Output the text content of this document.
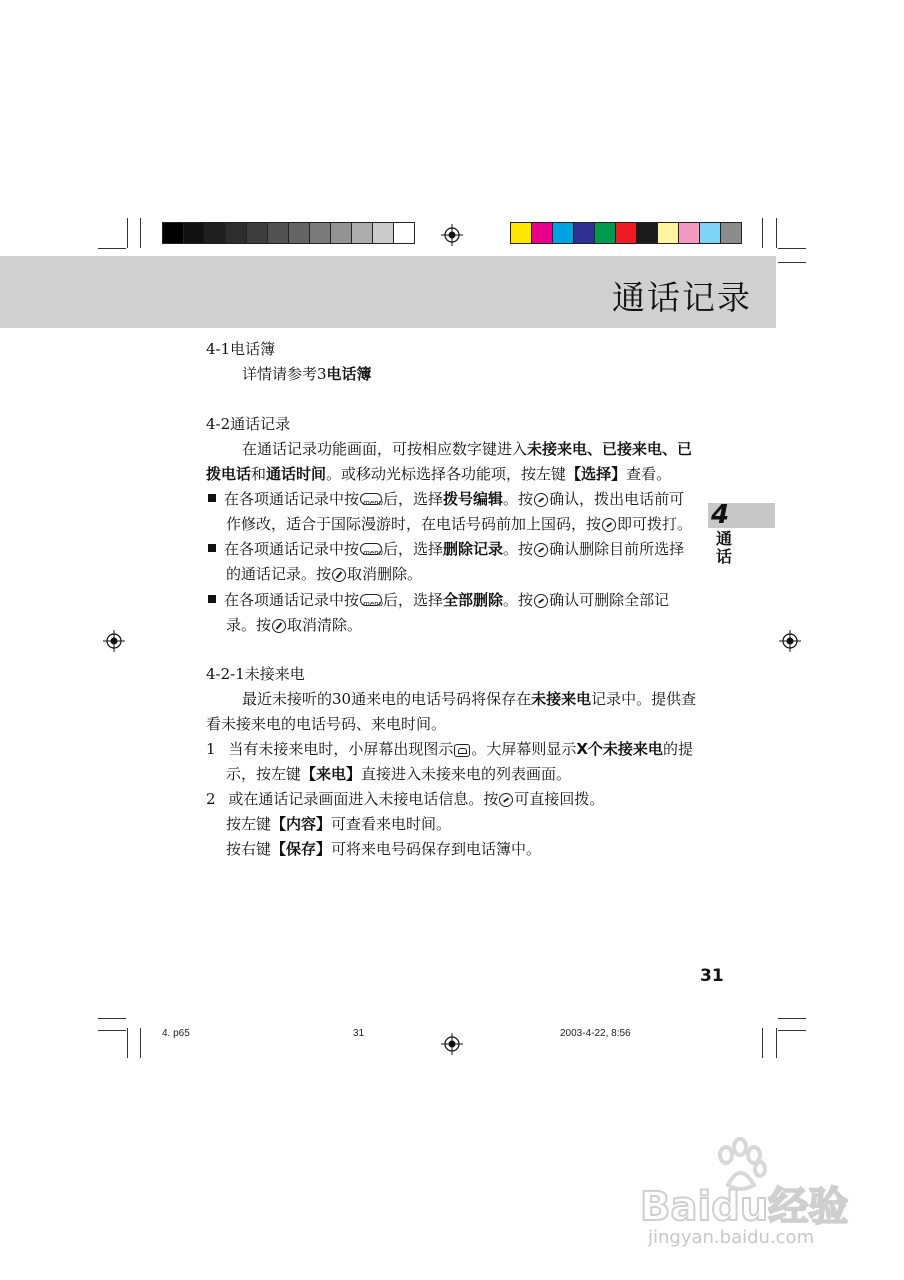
通话记录
4
通话
4-1电话簿
详情请参考3电话簿
4-2通话记录
在通话记录功能画面，可按相应数字键进入未接来电、已接来电、已
拨电话和通话时间。或移动光标选择各功能项，按左键【选择】查看。
在各项通话记录中按 menu 后，选择拨号编辑。按 确认，拨出电话前可
作修改，适合于国际漫游时，在电话号码前加上国码，按 即可拨打。
在各项通话记录中按 menu 后，选择删除记录。按 确认删除目前所选择
的通话记录。按 取消删除。
在各项通话记录中按 menu 后，选择全部删除。按 确认可删除全部记
录。按 取消清除。
4-2-1未接来电
最近未接听的30通来电的电话号码将保存在未接来电记录中。提供查
看未接来电的电话号码、来电时间。
1 当有未接来电时，小屏幕出现图示 。大屏幕则显示X个未接来电的提
示，按左键【来电】直接进入未接来电的列表画面。
2 或在通话记录画面进入未接电话信息。按 可直接回拨。
按左键【内容】可查看来电时间。
按右键【保存】可将来电号码保存到电话簿中。
31
4. p65	31	2003-4-22, 8:56
Baidu经验
jingyan.baidu.com
